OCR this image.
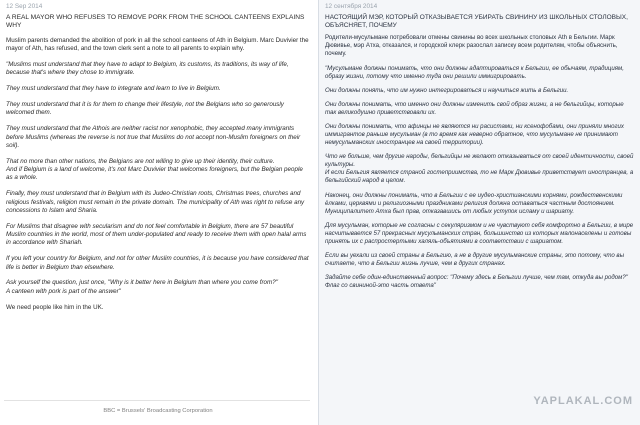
12 Sep 2014
A REAL MAYOR WHO REFUSES TO REMOVE PORK FROM THE SCHOOL CANTEENS EXPLAINS WHY
Muslim parents demanded the abolition of pork in all the school canteens of Ath in Belgium. Marc Duvivier the mayor of Ath, has refused, and the town clerk sent a note to all parents to explain why.
"Muslims must understand that they have to adapt to Belgium, its customs, its traditions, its way of life, because that's where they chose to immigrate.
They must understand that they have to integrate and learn to live in Belgium.
They must understand that it is for them to change their lifestyle, not the Belgians who so generously welcomed them.
They must understand that the Athois are neither racist nor xenophobic, they accepted many immigrants before Muslims (whereas the reverse is not true that Muslims do not accept non-Muslim foreigners on their soil).
That no more than other nations, the Belgians are not willing to give up their identity, their culture.
And if Belgium is a land of welcome, it's not Marc Duvivier that welcomes foreigners, but the Belgian people as a whole.
Finally, they must understand that in Belgium with its Judeo-Christian roots, Christmas trees, churches and religious festivals, religion must remain in the private domain. The municipality of Ath was right to refuse any concessions to Islam and Sharia.
For Muslims that disagree with secularism and do not feel comfortable in Belgium, there are 57 beautiful Muslim countries in the world, most of them under-populated and ready to receive them with open halal arms in accordance with Shariah.
If you left your country for Belgium, and not for other Muslim countries, it is because you have considered that life is better in Belgium than elsewhere.
Ask yourself the question, just once, "Why is it better here in Belgium than where you come from?"
A canteen with pork is part of the answer"
We need people like him in the UK.
BBC = Brussels' Broadcasting Corporation
12 сентября 2014
НАСТОЯЩИЙ МЭР, КОТОРЫЙ ОТКАЗЫВАЕТСЯ УБИРАТЬ СВИНИНУ ИЗ ШКОЛЬНЫХ СТОЛОВЫХ, ОБЪЯСНЯЕТ, ПОЧЕМУ
Родители-мусульмане потребовали отмены свинины во всех школьных столовых Ath в Бельгии. Марк Дювивье, мэр Атха, отказался, и городской клерк разослал записку всем родителям, чтобы объяснить, почему.
"Мусульмане должны понимать, что они должны адаптироваться к Бельгии, ее обычаям, традициям, образу жизни, потому что именно туда они решили иммигрировать.
Они должны понять, что им нужно интегрироваться и научиться жить в Бельгии.
Они должны понимать, что именно они должны изменить свой образ жизни, а не бельгийцы, которые так великодушно приветствовали их.
Они должны понимать, что афинцы не являются ни расистами, ни ксенофобами, они приняли многих иммигрантов раньше мусульман (в то время как неверно обратное, что мусульмане не принимают немусульманских иностранцев на своей территории).
Что не больше, чем другие народы, бельгийцы не желают отказываться от своей идентичности, своей культуры.
И если Бельгия является страной гостеприимства, то не Марк Дювивье приветствует иностранцев, а бельгийский народ в целом.
Наконец, они должны понимать, что в Бельгии с ее иудео-христианскими корнями, рождественскими ёлками, церквями и религиозными праздниками религия должна оставаться частным достоянием. Муниципалитет Атха был прав, отказавшись от любых уступок исламу и шариату.
Для мусульман, которые не согласны с секуляризмом и не чувствуют себя комфортно в Бельгии, в мире насчитывается 57 прекрасных мусульманских стран, большинство из которых малонаселены и готовы принять их с распростертыми халяль-объятиями в соответствии с шариатом.
Если вы уехали из своей страны в Бельгию, а не в другие мусульманские страны, это потому, что вы считаете, что в Бельгии жизнь лучше, чем в других странах.
Задайте себе один-единственный вопрос: "Почему здесь в Бельгии лучше, чем там, откуда вы родом?"
Флаг со свининой-это часть ответа"
YAPLAKAL.COM
